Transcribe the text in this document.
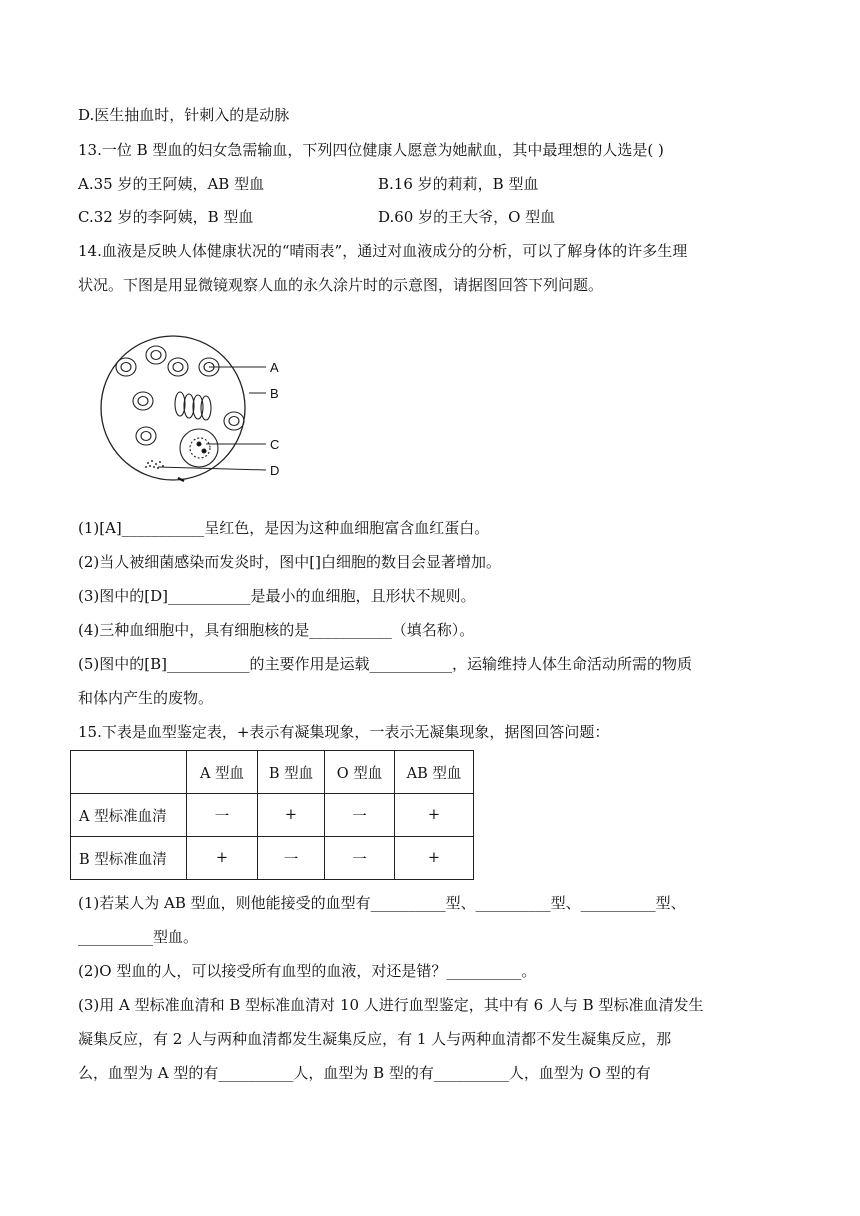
D.医生抽血时，针刺入的是动脉
13.一位 B 型血的妇女急需输血，下列四位健康人愿意为她献血，其中最理想的人选是( )
A.35 岁的王阿姨，AB 型血	B.16 岁的莉莉，B 型血
C.32 岁的李阿姨，B 型血	D.60 岁的王大爷，O 型血
14.血液是反映人体健康状况的“晴雨表”，通过对血液成分的分析，可以了解身体的许多生理
状况。下图是用显微镜观察人血的永久涂片时的示意图，请据图回答下列问题。
A
B
C
D
(1)[A]___________呈红色，是因为这种血细胞富含血红蛋白。
(2)当人被细菌感染而发炎时，图中[]白细胞的数目会显著增加。
(3)图中的[D]___________是最小的血细胞，且形状不规则。
(4)三种血细胞中，具有细胞核的是___________（填名称）。
(5)图中的[B]___________的主要作用是运载___________，运输维持人体生命活动所需的物质
和体内产生的废物。
15.下表是血型鉴定表，+表示有凝集现象，一表示无凝集现象，据图回答问题：
	A 型血	B 型血	O 型血	AB 型血
A 型标准血清	一	+	一	+
B 型标准血清	+	一	一	+
(1)若某人为 AB 型血，则他能接受的血型有__________型、__________型、__________型、
__________型血。
(2)O 型血的人，可以接受所有血型的血液，对还是错？__________。
(3)用 A 型标准血清和 B 型标准血清对 10 人进行血型鉴定，其中有 6 人与 B 型标准血清发生
凝集反应，有 2 人与两种血清都发生凝集反应，有 1 人与两种血清都不发生凝集反应，那
么，血型为 A 型的有__________人，血型为 B 型的有__________人，血型为 O 型的有
